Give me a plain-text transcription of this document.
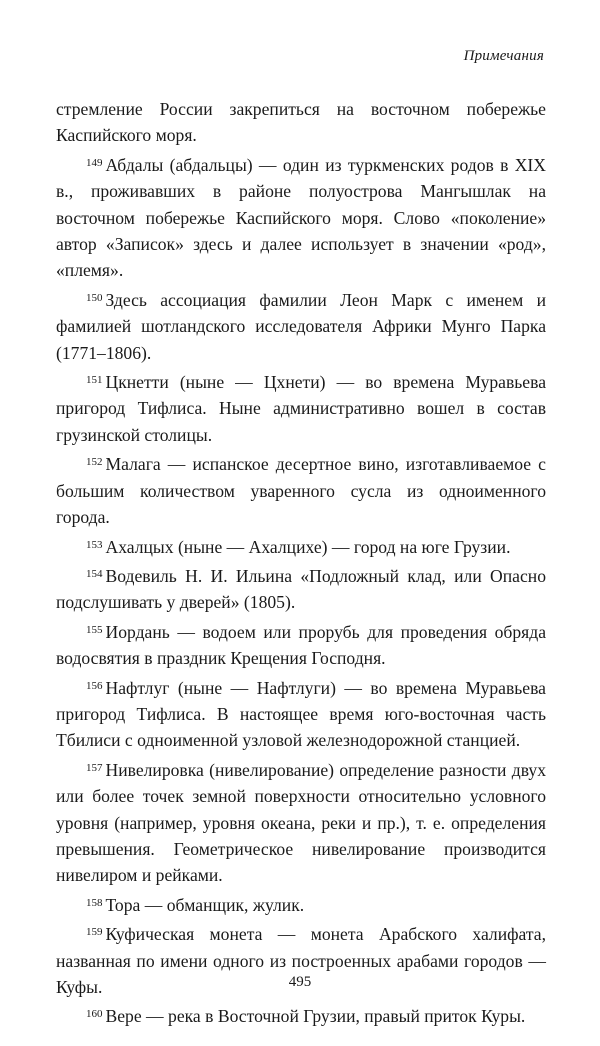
Примечания

стремление России закрепиться на восточном побережье Каспийского моря.

$^{149}$ Абдалы (абдальцы) — один из туркменских родов в XIX в., проживавших в районе полуострова Мангышлак на восточном побережье Каспийского моря. Слово «поколение» автор «Записок» здесь и далее использует в значении «род», «племя».

$^{150}$ Здесь ассоциация фамилии Леон Марк с именем и фамилией шотландского исследователя Африки Мунго Парка (1771–1806).

$^{151}$ Цкнетти (ныне — Цхнети) — во времена Муравьева пригород Тифлиса. Ныне административно вошел в состав грузинской столицы.

$^{152}$ Малага — испанское десертное вино, изготавливаемое с большим количеством уваренного сусла из одноименного города.

$^{153}$ Ахалцых (ныне — Ахалцихе) — город на юге Грузии.

$^{154}$ Водевиль Н. И. Ильина «Подложный клад, или Опасно подслушивать у дверей» (1805).

$^{155}$ Иордань — водоем или прорубь для проведения обряда водосвятия в праздник Крещения Господня.

$^{156}$ Нафтлуг (ныне — Нафтлуги) — во времена Муравьева пригород Тифлиса. В настоящее время юго-восточная часть Тбилиси с одноименной узловой железнодорожной станцией.

$^{157}$ Нивелировка (нивелирование) определение разности двух или более точек земной поверхности относительно условного уровня (например, уровня океана, реки и пр.), т. е. определения превышения. Геометрическое нивелирование производится нивелиром и рейками.

$^{158}$ Тора — обманщик, жулик.

$^{159}$ Куфическая монета — монета Арабского халифата, названная по имени одного из построенных арабами городов — Куфы.

$^{160}$ Вере — река в Восточной Грузии, правый приток Куры.

495
